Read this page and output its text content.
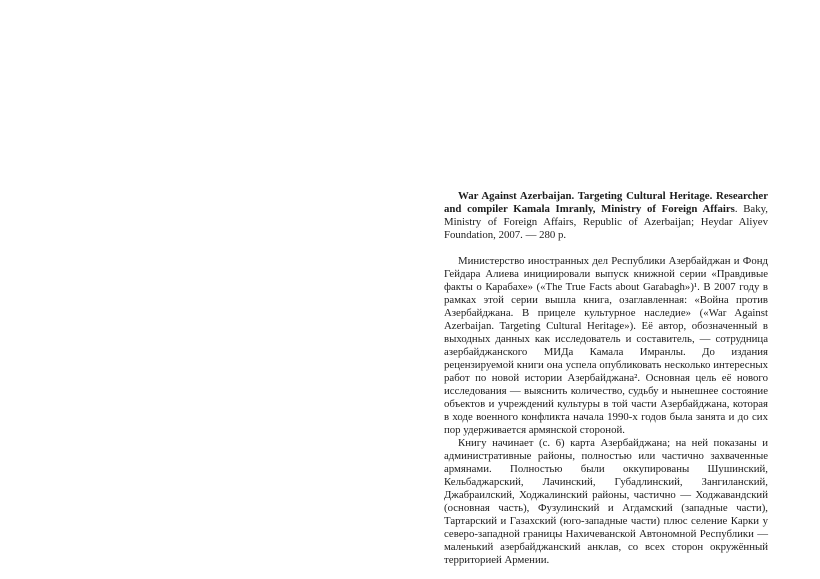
War Against Azerbaijan. Targeting Cultural Heritage. Researcher and compiler Kamala Imranly, Ministry of Foreign Affairs. Baky, Ministry of Foreign Affairs, Republic of Azerbaijan; Heydar Aliyev Foundation, 2007. — 280 p.

Министерство иностранных дел Республики Азербайджан и Фонд Гейдара Алиева инициировали выпуск книжной серии «Правдивые факты о Карабахе» («The True Facts about Garabagh»)¹. В 2007 году в рамках этой серии вышла книга, озаглавленная: «Война против Азербайджана. В прицеле культурное наследие» («War Against Azerbaijan. Targeting Cultural Heritage»). Её автор, обозначенный в выходных данных как исследователь и составитель, — сотрудница азербайджанского МИДа Камала Имранлы. До издания рецензируемой книги она успела опубликовать несколько интересных работ по новой истории Азербайджана². Основная цель её нового исследования — выяснить количество, судьбу и нынешнее состояние объектов и учреждений культуры в той части Азербайджана, которая в ходе военного конфликта начала 1990-х годов была занята и до сих пор удерживается армянской стороной.

Книгу начинает (с. 6) карта Азербайджана; на ней показаны и административные районы, полностью или частично захваченные армянами. Полностью были оккупированы Шушинский, Кельбаджарский, Лачинский, Губадлинский, Зангиланский, Джабраилский, Ходжалинский районы, частично — Ходжавандский (основная часть), Фузулинский и Агдамский (западные части), Тартарский и Газахский (юго-западные части) плюс селение Карки у северо-западной границы Нахичеванской Автономной Республики — маленький азербайджанский анклав, со всех сторон окружённый территорией Армении.
